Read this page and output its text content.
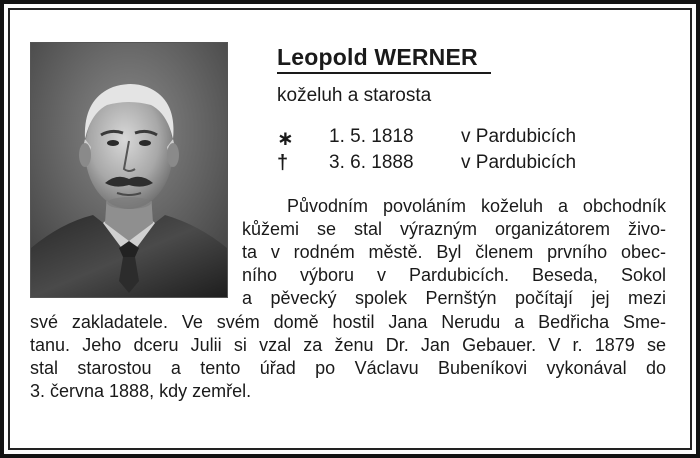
Leopold WERNER
koželuh a starosta
∗ 1. 5. 1818 v Pardubicích
†	3. 6. 1888 v Pardubicích
Původním povoláním koželuh a obchodník
kůžemi se stal výrazným organizátorem živo-
ta v rodném městě. Byl členem prvního obec-
ního výboru v Pardubicích. Beseda, Sokol
a pěvecký spolek Pernštýn počítají jej mezi
své zakladatele. Ve svém domě hostil Jana Nerudu a Bedřicha Sme-
tanu. Jeho dceru Julii si vzal za ženu Dr. Jan Gebauer. V r. 1879 se
stal starostou a tento úřad po Václavu Bubeníkovi vykonával do
3. června 1888, kdy zemřel.
